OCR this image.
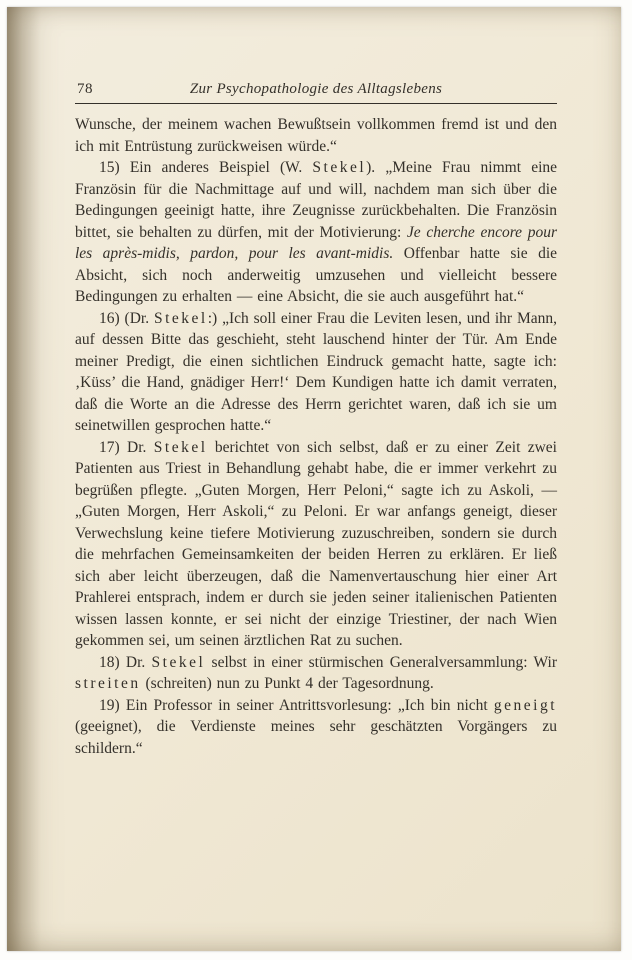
78	Zur Psychopathologie des Alltagslebens

Wunsche, der meinem wachen Bewußtsein vollkommen fremd ist und den ich mit Entrüstung zurückweisen würde.“

15) Ein anderes Beispiel (W. Stekel). „Meine Frau nimmt eine Französin für die Nachmittage auf und will, nachdem man sich über die Bedingungen geeinigt hatte, ihre Zeugnisse zurückbehalten. Die Französin bittet, sie behalten zu dürfen, mit der Motivierung: Je cherche encore pour les après-midis, pardon, pour les avant-midis. Offenbar hatte sie die Absicht, sich noch anderweitig umzusehen und vielleicht bessere Bedingungen zu erhalten — eine Absicht, die sie auch ausgeführt hat.“

16) (Dr. Stekel:) „Ich soll einer Frau die Leviten lesen, und ihr Mann, auf dessen Bitte das geschieht, steht lauschend hinter der Tür. Am Ende meiner Predigt, die einen sichtlichen Eindruck gemacht hatte, sagte ich: ‚Küss’ die Hand, gnädiger Herr!‘ Dem Kundigen hatte ich damit verraten, daß die Worte an die Adresse des Herrn gerichtet waren, daß ich sie um seinetwillen gesprochen hatte.“

17) Dr. Stekel berichtet von sich selbst, daß er zu einer Zeit zwei Patienten aus Triest in Behandlung gehabt habe, die er immer verkehrt zu begrüßen pflegte. „Guten Morgen, Herr Peloni,“ sagte ich zu Askoli, — „Guten Morgen, Herr Askoli,“ zu Peloni. Er war anfangs geneigt, dieser Verwechslung keine tiefere Motivierung zuzuschreiben, sondern sie durch die mehrfachen Gemeinsamkeiten der beiden Herren zu erklären. Er ließ sich aber leicht überzeugen, daß die Namenvertauschung hier einer Art Prahlerei entsprach, indem er durch sie jeden seiner italienischen Patienten wissen lassen konnte, er sei nicht der einzige Triestiner, der nach Wien gekommen sei, um seinen ärztlichen Rat zu suchen.

18) Dr. Stekel selbst in einer stürmischen Generalversammlung: Wir streiten (schreiten) nun zu Punkt 4 der Tagesordnung.

19) Ein Professor in seiner Antrittsvorlesung: „Ich bin nicht geneigt (geeignet), die Verdienste meines sehr geschätzten Vorgängers zu schildern.“
